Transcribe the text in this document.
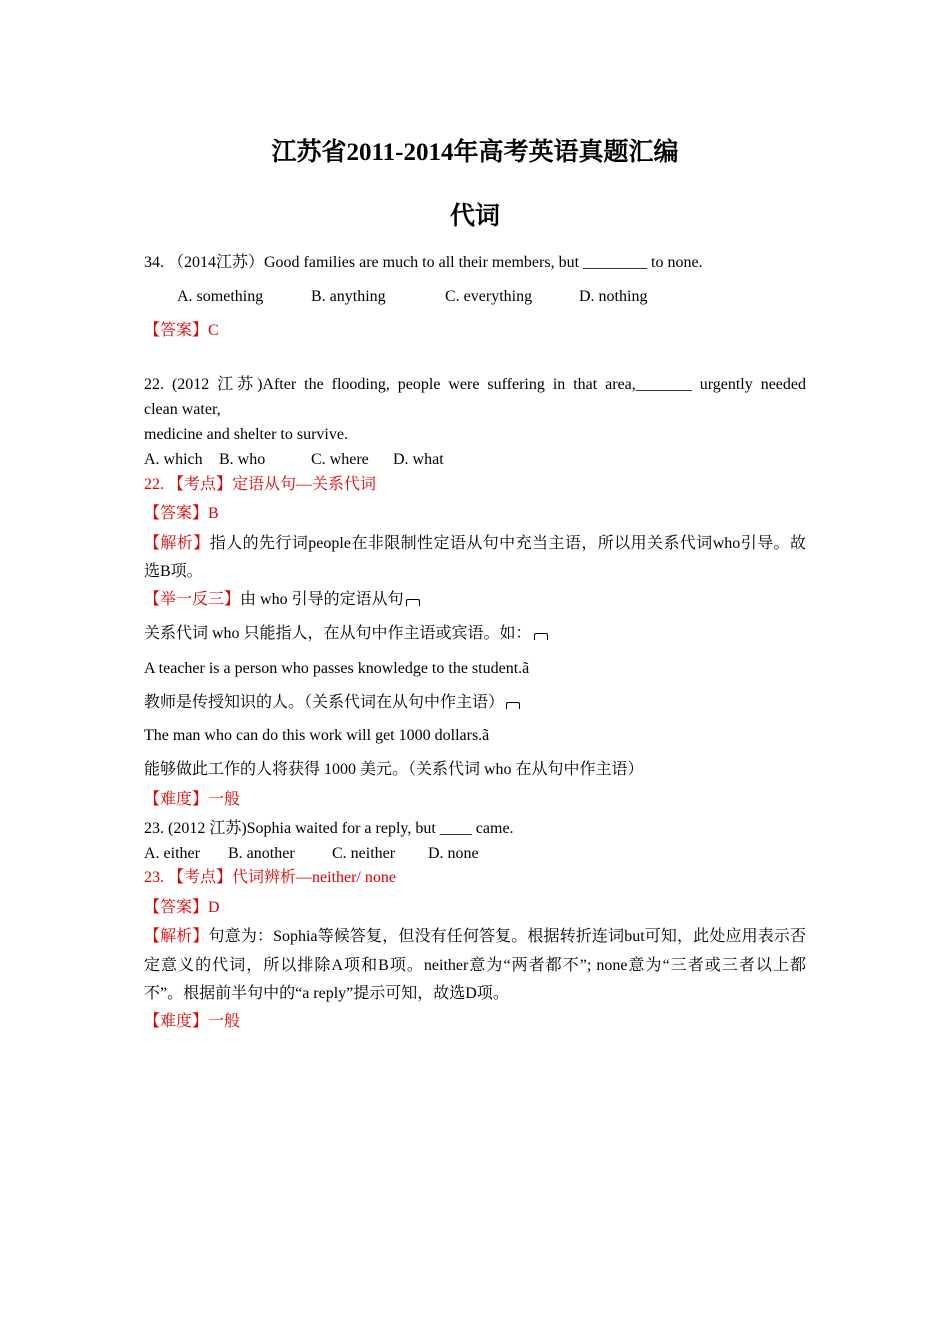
江苏省2011-2014年高考英语真题汇编
代词
34. （2014江苏）Good families are much to all their members, but ________ to none.
A. something	B. anything	C. everything	D. nothing
【答案】C
22. (2012 江苏)After the flooding, people were suffering in that area,_______ urgently needed
clean water,
medicine and shelter to survive.
A. which B. who	C. where D. what
22. 【考点】定语从句—关系代词
【答案】B
【解析】指人的先行词people在非限制性定语从句中充当主语，所以用关系代词who引导。故
选B项。
【举一反三】由 who 引导的定语从句
关系代词 who 只能指人，在从句中作主语或宾语。如：
A teacher is a person who passes knowledge to the student.ã
教师是传授知识的人。（关系代词在从句中作主语）
The man who can do this work will get 1000 dollars.ã
能够做此工作的人将获得 1000 美元。（关系代词 who 在从句中作主语）
【难度】一般
23. (2012 江苏)Sophia waited for a reply, but ____ came.
A. either B. another C. neither D. none
23. 【考点】代词辨析—neither/ none
【答案】D
【解析】句意为：Sophia等候答复，但没有任何答复。根据转折连词but可知，此处应用表示否
定意义的代词，所以排除A项和B项。neither意为“两者都不”; none意为“三者或三者以上都
不”。根据前半句中的“a reply”提示可知，故选D项。
【难度】一般
